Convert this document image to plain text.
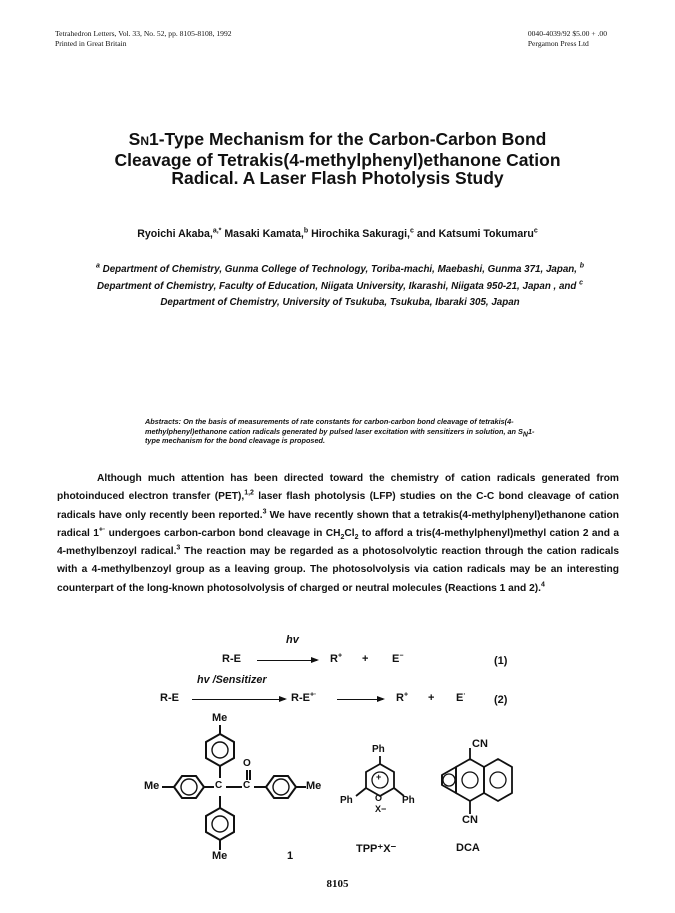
Tetrahedron Letters, Vol. 33, No. 52, pp. 8105-8108, 1992
Printed in Great Britain
0040-4039/92 $5.00 + .00
Pergamon Press Ltd
SN1-Type Mechanism for the Carbon-Carbon Bond
Cleavage of Tetrakis(4-methylphenyl)ethanone Cation
Radical. A Laser Flash Photolysis Study
Ryoichi Akaba,$^{a,*}$ Masaki Kamata,$^b$ Hirochika Sakuragi,$^c$ and Katsumi Tokumaru$^c$
$^a$ Department of Chemistry, Gunma College of Technology, Toriba-machi, Maebashi, Gunma 371, Japan, $^b$ Department of Chemistry, Faculty of Education, Niigata University, Ikarashi, Niigata 950-21, Japan , and $^c$ Department of Chemistry, University of Tsukuba, Tsukuba, Ibaraki 305, Japan
Abstracts: On the basis of measurements of rate constants for carbon-carbon bond cleavage of tetrakis(4-methylphenyl)ethanone cation radicals generated by pulsed laser excitation with sensitizers in solution, an $S_N1$-type mechanism for the bond cleavage is proposed.

Although much attention has been directed toward the chemistry of cation radicals generated from photoinduced electron transfer (PET),$^{1,2}$ laser flash photolysis (LFP) studies on the C-C bond cleavage of cation radicals have only recently been reported.$^3$ We have recently shown that a tetrakis(4-methylphenyl)ethanone cation radical 1+· undergoes carbon-carbon bond cleavage in $CH_2Cl_2$ to afford a tris(4-methylphenyl)methyl cation 2 and a 4-methylbenzoyl radical.$^3$ The reaction may be regarded as a photosolvolytic reaction through the cation radicals with a 4-methylbenzoyl group as a leaving group. The photosolvolysis via cation radicals may be an interesting counterpart of the long-known photosolvolysis of charged or neutral molecules (Reactions 1 and 2).$^4$

R-E
hv
→ R+ + E−	(1)
R-E
hv /Sensitizer
R-E+· → R+ + E·	(2)
Me
Me	Me
Me
O
C C
1
Ph
Ph	Ph
+
O
X−
TPP⁺X⁻
CN
CN
DCA
8105
